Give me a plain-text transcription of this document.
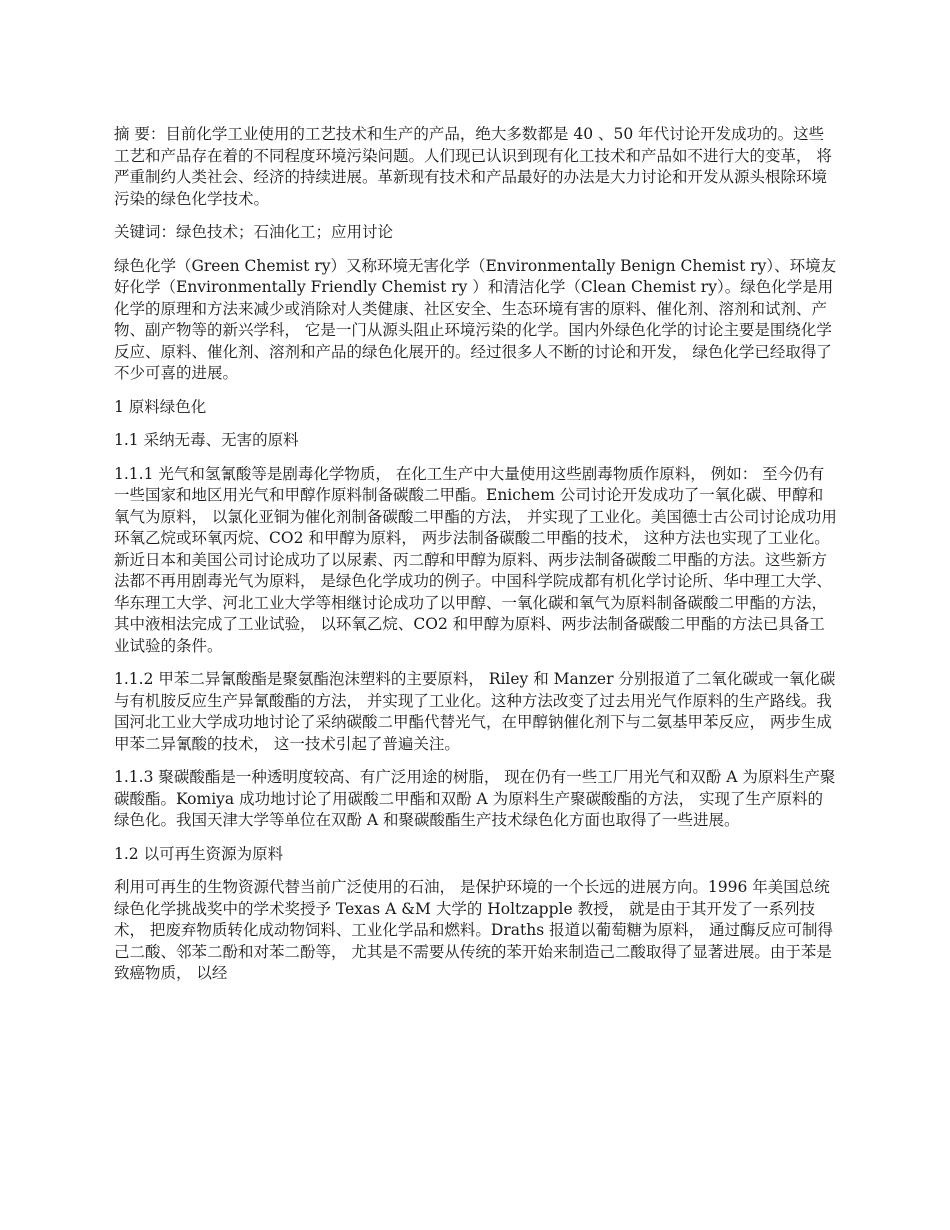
摘 要：目前化学工业使用的工艺技术和生产的产品，绝大多数都是 40 、50 年代讨论开发成功的。这些工艺和产品存在着的不同程度环境污染问题。人们现已认识到现有化工技术和产品如不进行大的变革， 将严重制约人类社会、经济的持续进展。革新现有技术和产品最好的办法是大力讨论和开发从源头根除环境污染的绿色化学技术。

关键词：绿色技术；石油化工；应用讨论

绿色化学（Green Chemist ry）又称环境无害化学（Environmentally Benign Chemist ry）、环境友好化学（Environmentally Friendly Chemist ry ）和清洁化学（Clean Chemist ry）。绿色化学是用化学的原理和方法来减少或消除对人类健康、社区安全、生态环境有害的原料、催化剂、溶剂和试剂、产物、副产物等的新兴学科， 它是一门从源头阻止环境污染的化学。国内外绿色化学的讨论主要是围绕化学反应、原料、催化剂、溶剂和产品的绿色化展开的。经过很多人不断的讨论和开发， 绿色化学已经取得了不少可喜的进展。

1 原料绿色化

1.1 采纳无毒、无害的原料

1.1.1 光气和氢氰酸等是剧毒化学物质， 在化工生产中大量使用这些剧毒物质作原料， 例如： 至今仍有一些国家和地区用光气和甲醇作原料制备碳酸二甲酯。Enichem 公司讨论开发成功了一氧化碳、甲醇和氧气为原料， 以氯化亚铜为催化剂制备碳酸二甲酯的方法， 并实现了工业化。美国德士古公司讨论成功用环氧乙烷或环氧丙烷、CO2 和甲醇为原料， 两步法制备碳酸二甲酯的技术， 这种方法也实现了工业化。新近日本和美国公司讨论成功了以尿素、丙二醇和甲醇为原料、两步法制备碳酸二甲酯的方法。这些新方法都不再用剧毒光气为原料， 是绿色化学成功的例子。中国科学院成都有机化学讨论所、华中理工大学、华东理工大学、河北工业大学等相继讨论成功了以甲醇、一氧化碳和氧气为原料制备碳酸二甲酯的方法， 其中液相法完成了工业试验， 以环氧乙烷、CO2 和甲醇为原料、两步法制备碳酸二甲酯的方法已具备工业试验的条件。

1.1.2 甲苯二异氰酸酯是聚氨酯泡沫塑料的主要原料， Riley 和 Manzer 分别报道了二氧化碳或一氧化碳与有机胺反应生产异氰酸酯的方法， 并实现了工业化。这种方法改变了过去用光气作原料的生产路线。我国河北工业大学成功地讨论了采纳碳酸二甲酯代替光气，在甲醇钠催化剂下与二氨基甲苯反应， 两步生成甲苯二异氰酸的技术， 这一技术引起了普遍关注。

1.1.3 聚碳酸酯是一种透明度较高、有广泛用途的树脂， 现在仍有一些工厂用光气和双酚 A 为原料生产聚碳酸酯。Komiya 成功地讨论了用碳酸二甲酯和双酚 A 为原料生产聚碳酸酯的方法， 实现了生产原料的绿色化。我国天津大学等单位在双酚 A 和聚碳酸酯生产技术绿色化方面也取得了一些进展。

1.2 以可再生资源为原料

利用可再生的生物资源代替当前广泛使用的石油， 是保护环境的一个长远的进展方向。1996 年美国总统绿色化学挑战奖中的学术奖授予 Texas A &M 大学的 Holtzapple 教授， 就是由于其开发了一系列技术， 把废弃物质转化成动物饲料、工业化学品和燃料。Draths 报道以葡萄糖为原料， 通过酶反应可制得己二酸、邻苯二酚和对苯二酚等， 尤其是不需要从传统的苯开始来制造己二酸取得了显著进展。由于苯是致癌物质， 以经
